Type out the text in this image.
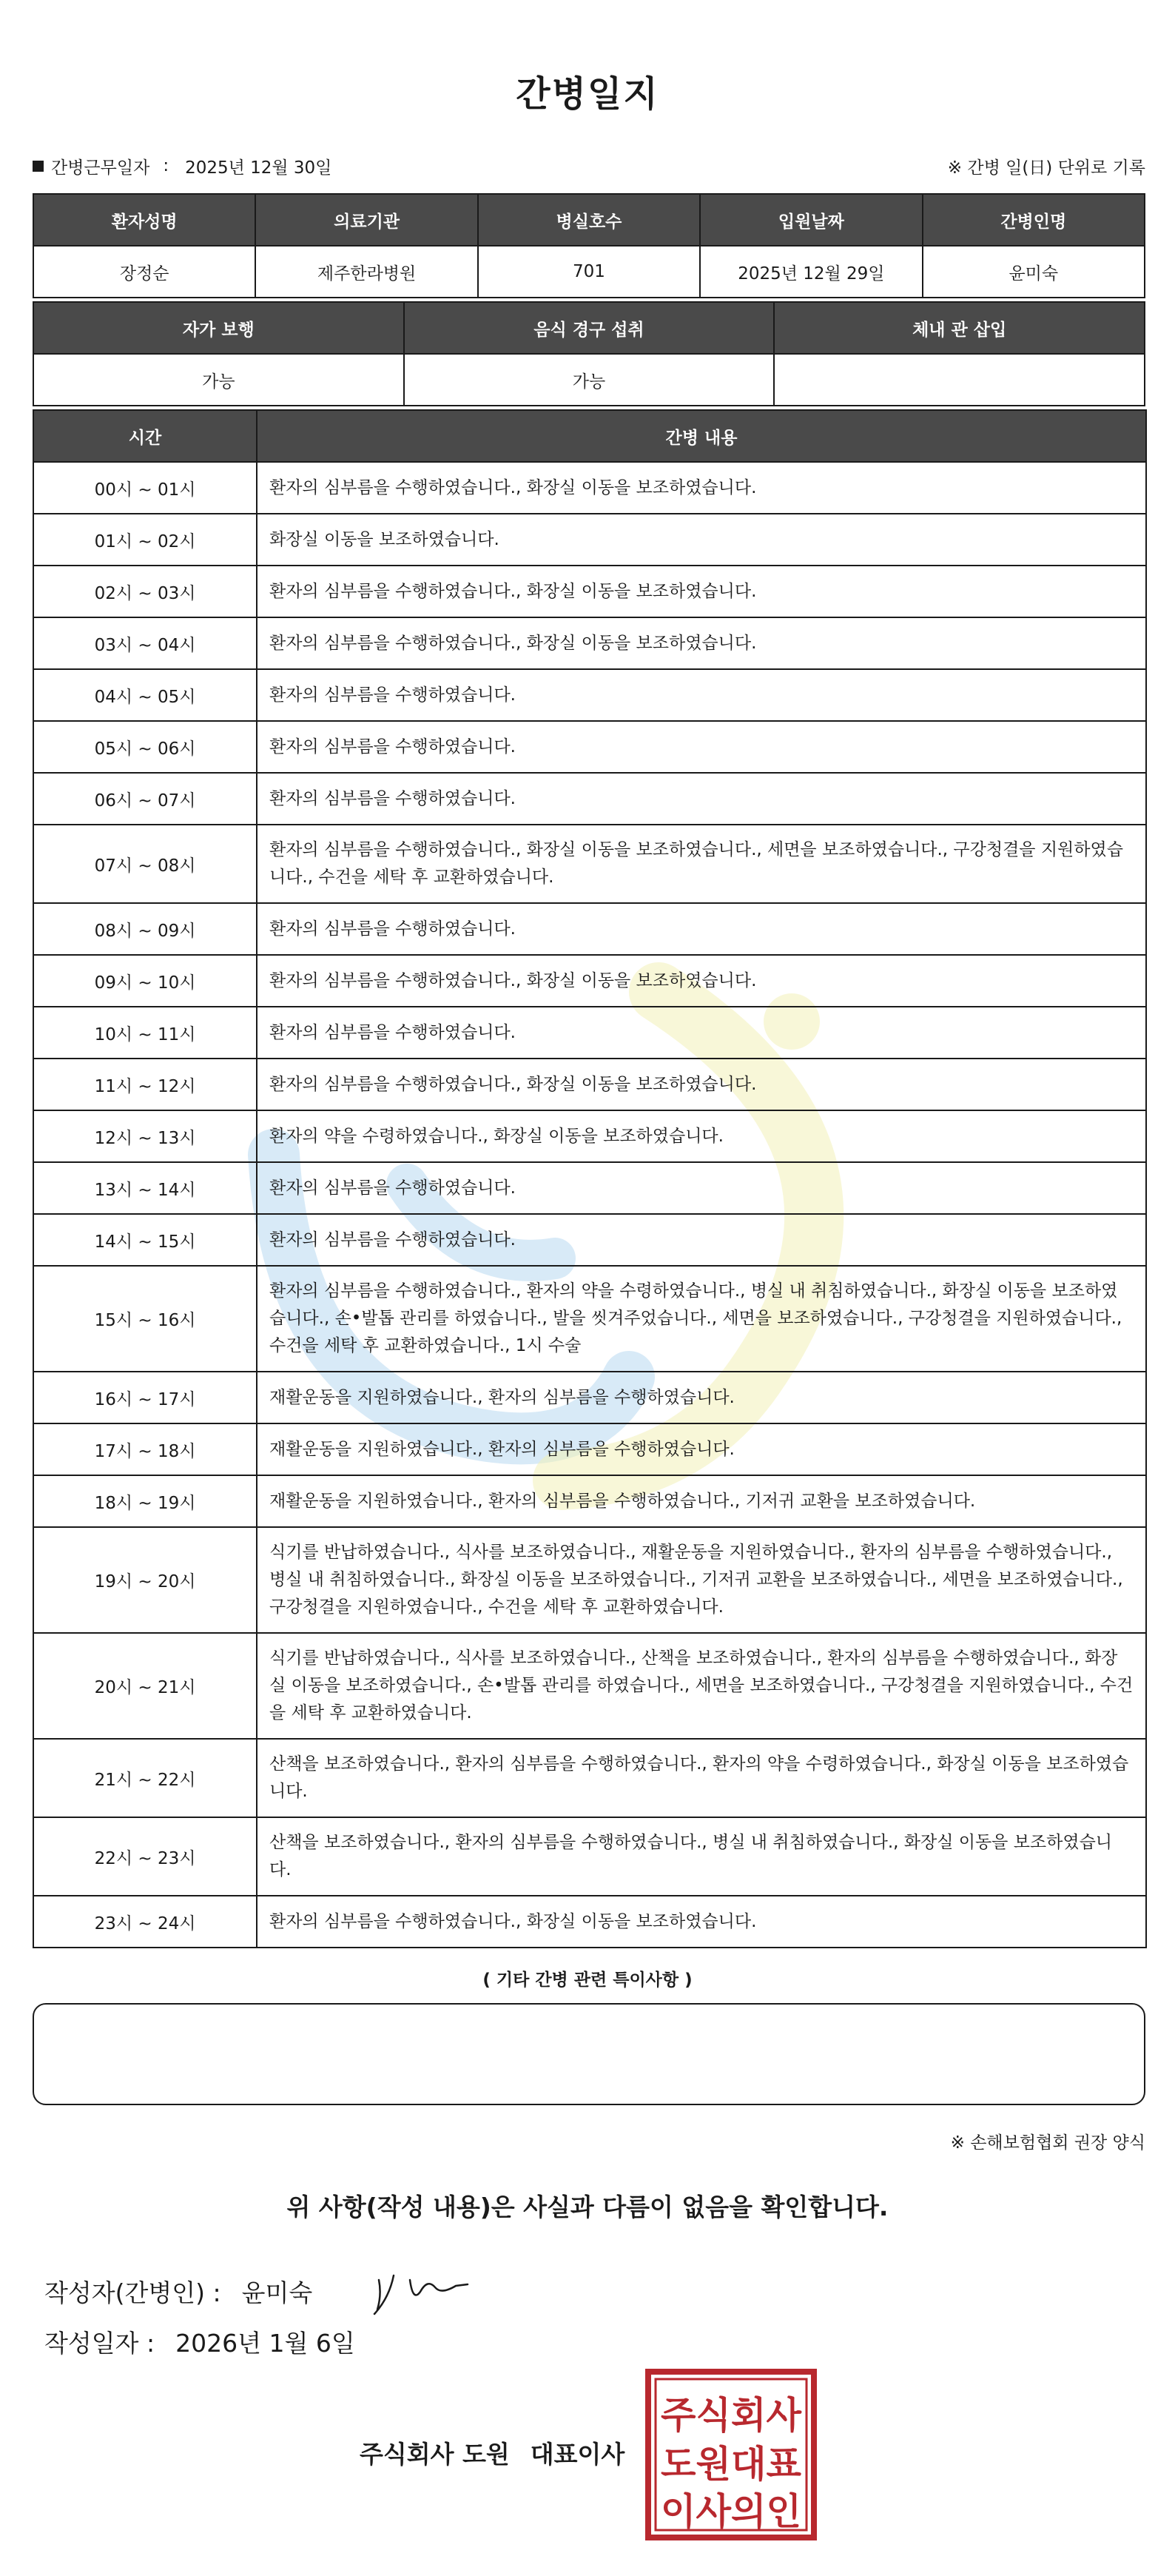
간병일지
간병근무일자 : 2025년 12월 30일	※ 간병 일(日) 단위로 기록
환자성명	의료기관	병실호수	입원날짜	간병인명
장정순	제주한라병원	701	2025년 12월 29일	윤미숙
자가 보행	음식 경구 섭취	체내 관 삽입
가능	가능	
시간	간병 내용
00시 ~ 01시	환자의 심부름을 수행하였습니다., 화장실 이동을 보조하였습니다.
01시 ~ 02시	화장실 이동을 보조하였습니다.
02시 ~ 03시	환자의 심부름을 수행하였습니다., 화장실 이동을 보조하였습니다.
03시 ~ 04시	환자의 심부름을 수행하였습니다., 화장실 이동을 보조하였습니다.
04시 ~ 05시	환자의 심부름을 수행하였습니다.
05시 ~ 06시	환자의 심부름을 수행하였습니다.
06시 ~ 07시	환자의 심부름을 수행하였습니다.
07시 ~ 08시	환자의 심부름을 수행하였습니다., 화장실 이동을 보조하였습니다., 세면을 보조하였습니다., 구강청결을 지원하였습니다., 수건을 세탁 후 교환하였습니다.
08시 ~ 09시	환자의 심부름을 수행하였습니다.
09시 ~ 10시	환자의 심부름을 수행하였습니다., 화장실 이동을 보조하였습니다.
10시 ~ 11시	환자의 심부름을 수행하였습니다.
11시 ~ 12시	환자의 심부름을 수행하였습니다., 화장실 이동을 보조하였습니다.
12시 ~ 13시	환자의 약을 수령하였습니다., 화장실 이동을 보조하였습니다.
13시 ~ 14시	환자의 심부름을 수행하였습니다.
14시 ~ 15시	환자의 심부름을 수행하였습니다.
15시 ~ 16시	환자의 심부름을 수행하였습니다., 환자의 약을 수령하였습니다., 병실 내 취침하였습니다., 화장실 이동을 보조하였습니다., 손•발톱 관리를 하였습니다., 발을 씻겨주었습니다., 세면을 보조하였습니다., 구강청결을 지원하였습니다., 수건을 세탁 후 교환하였습니다., 1시 수술
16시 ~ 17시	재활운동을 지원하였습니다., 환자의 심부름을 수행하였습니다.
17시 ~ 18시	재활운동을 지원하였습니다., 환자의 심부름을 수행하였습니다.
18시 ~ 19시	재활운동을 지원하였습니다., 환자의 심부름을 수행하였습니다., 기저귀 교환을 보조하였습니다.
19시 ~ 20시	식기를 반납하였습니다., 식사를 보조하였습니다., 재활운동을 지원하였습니다., 환자의 심부름을 수행하였습니다., 병실 내 취침하였습니다., 화장실 이동을 보조하였습니다., 기저귀 교환을 보조하였습니다., 세면을 보조하였습니다., 구강청결을 지원하였습니다., 수건을 세탁 후 교환하였습니다.
20시 ~ 21시	식기를 반납하였습니다., 식사를 보조하였습니다., 산책을 보조하였습니다., 환자의 심부름을 수행하였습니다., 화장실 이동을 보조하였습니다., 손•발톱 관리를 하였습니다., 세면을 보조하였습니다., 구강청결을 지원하였습니다., 수건을 세탁 후 교환하였습니다.
21시 ~ 22시	산책을 보조하였습니다., 환자의 심부름을 수행하였습니다., 환자의 약을 수령하였습니다., 화장실 이동을 보조하였습니다.
22시 ~ 23시	산책을 보조하였습니다., 환자의 심부름을 수행하였습니다., 병실 내 취침하였습니다., 화장실 이동을 보조하였습니다.
23시 ~ 24시	환자의 심부름을 수행하였습니다., 화장실 이동을 보조하였습니다.
( 기타 간병 관련 특이사항 )
※ 손해보험협회 권장 양식
위 사항(작성 내용)은 사실과 다름이 없음을 확인합니다.
작성자(간병인) : 윤미숙
작성일자 : 2026년 1월 6일
주식회사 도원 대표이사
주식회사
도원대표
이사의인
